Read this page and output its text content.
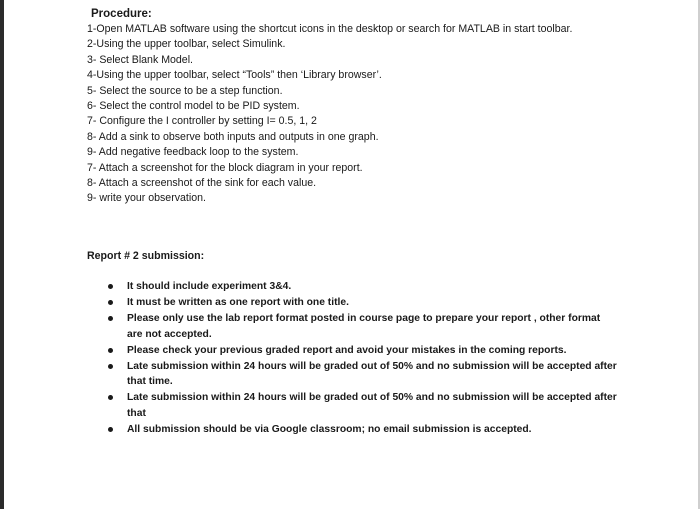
Procedure:
1-Open MATLAB software using the shortcut icons in the desktop or search for MATLAB in start toolbar.
2-Using the upper toolbar, select Simulink.
3- Select Blank Model.
4-Using the upper toolbar, select “Tools” then ‘Library browser’.
5- Select the source to be a step function.
6- Select the control model to be PID system.
7- Configure the I controller by setting I= 0.5, 1, 2
8- Add a sink to observe both inputs and outputs in one graph.
9- Add negative feedback loop to the system.
7- Attach a screenshot for the block diagram in your report.
8- Attach a screenshot of the sink for each value.
9- write your observation.
Report # 2 submission:
It should include experiment 3&4.
It must be written as one report with one title.
Please only use the lab report format posted in course page to prepare your report , other format are not accepted.
Please check your previous graded report and avoid your mistakes in the coming reports.
Late submission within 24 hours will be graded out of 50% and no submission will be accepted after that time.
Late submission within 24 hours will be graded out of 50% and no submission will be accepted after that
All submission should be via Google classroom; no email submission is accepted.
